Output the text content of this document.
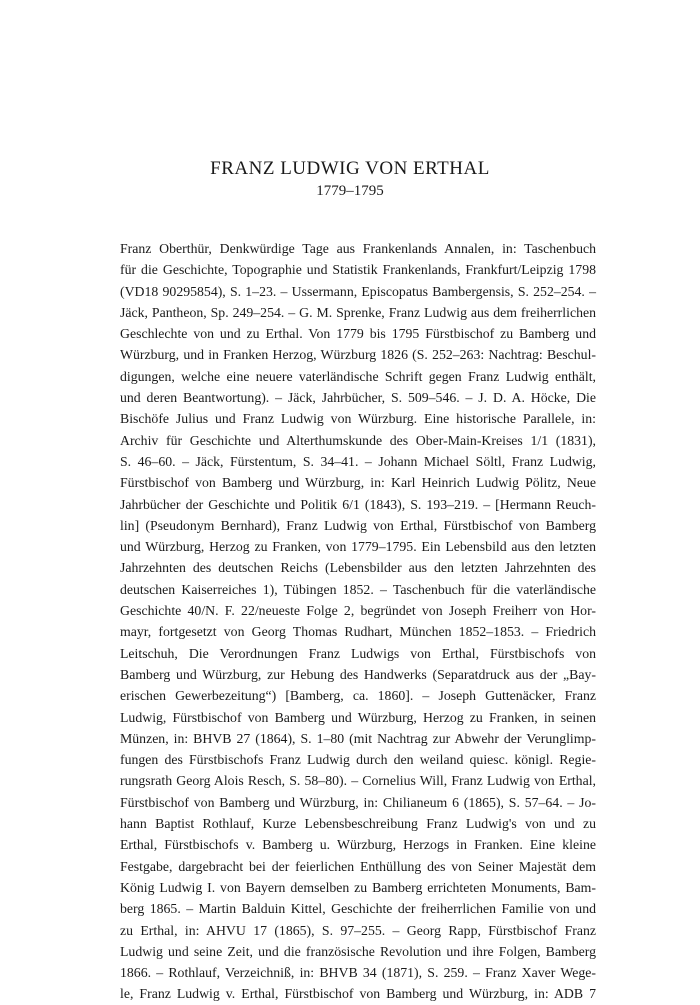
FRANZ LUDWIG VON ERTHAL
1779–1795
Franz Oberthür, Denkwürdige Tage aus Frankenlands Annalen, in: Taschenbuch
für die Geschichte, Topographie und Statistik Frankenlands, Frankfurt/Leipzig 1798
(VD18 90295854), S. 1–23. – Ussermann, Episcopatus Bambergensis, S. 252–254. –
Jäck, Pantheon, Sp. 249–254. – G. M. Sprenke, Franz Ludwig aus dem freiherrlichen
Geschlechte von und zu Erthal. Von 1779 bis 1795 Fürstbischof zu Bamberg und
Würzburg, und in Franken Herzog, Würzburg 1826 (S. 252–263: Nachtrag: Beschul-
digungen, welche eine neuere vaterländische Schrift gegen Franz Ludwig enthält,
und deren Beantwortung). – Jäck, Jahrbücher, S. 509–546. – J. D. A. Höcke, Die
Bischöfe Julius und Franz Ludwig von Würzburg. Eine historische Parallele, in:
Archiv für Geschichte und Alterthumskunde des Ober-Main-Kreises 1/1 (1831),
S. 46–60. – Jäck, Fürstentum, S. 34–41. – Johann Michael Söltl, Franz Ludwig,
Fürstbischof von Bamberg und Würzburg, in: Karl Heinrich Ludwig Pölitz, Neue
Jahrbücher der Geschichte und Politik 6/1 (1843), S. 193–219. – [Hermann Reuch-
lin] (Pseudonym Bernhard), Franz Ludwig von Erthal, Fürstbischof von Bamberg
und Würzburg, Herzog zu Franken, von 1779–1795. Ein Lebensbild aus den letzten
Jahrzehnten des deutschen Reichs (Lebensbilder aus den letzten Jahrzehnten des
deutschen Kaiserreiches 1), Tübingen 1852. – Taschenbuch für die vaterländische
Geschichte 40/N. F. 22/neueste Folge 2, begründet von Joseph Freiherr von Hor-
mayr, fortgesetzt von Georg Thomas Rudhart, München 1852–1853. – Friedrich
Leitschuh, Die Verordnungen Franz Ludwigs von Erthal, Fürstbischofs von
Bamberg und Würzburg, zur Hebung des Handwerks (Separatdruck aus der „Bay-
erischen Gewerbezeitung“) [Bamberg, ca. 1860]. – Joseph Guttenäcker, Franz
Ludwig, Fürstbischof von Bamberg und Würzburg, Herzog zu Franken, in seinen
Münzen, in: BHVB 27 (1864), S. 1–80 (mit Nachtrag zur Abwehr der Verunglimp-
fungen des Fürstbischofs Franz Ludwig durch den weiland quiesc. königl. Regie-
rungsrath Georg Alois Resch, S. 58–80). – Cornelius Will, Franz Ludwig von Erthal,
Fürstbischof von Bamberg und Würzburg, in: Chilianeum 6 (1865), S. 57–64. – Jo-
hann Baptist Rothlauf, Kurze Lebensbeschreibung Franz Ludwig's von und zu
Erthal, Fürstbischofs v. Bamberg u. Würzburg, Herzogs in Franken. Eine kleine
Festgabe, dargebracht bei der feierlichen Enthüllung des von Seiner Majestät dem
König Ludwig I. von Bayern demselben zu Bamberg errichteten Monuments, Bam-
berg 1865. – Martin Balduin Kittel, Geschichte der freiherrlichen Familie von und
zu Erthal, in: AHVU 17 (1865), S. 97–255. – Georg Rapp, Fürstbischof Franz
Ludwig und seine Zeit, und die französische Revolution und ihre Folgen, Bamberg
1866. – Rothlauf, Verzeichniß, in: BHVB 34 (1871), S. 259. – Franz Xaver Wege-
le, Franz Ludwig v. Erthal, Fürstbischof von Bamberg und Würzburg, in: ADB 7
